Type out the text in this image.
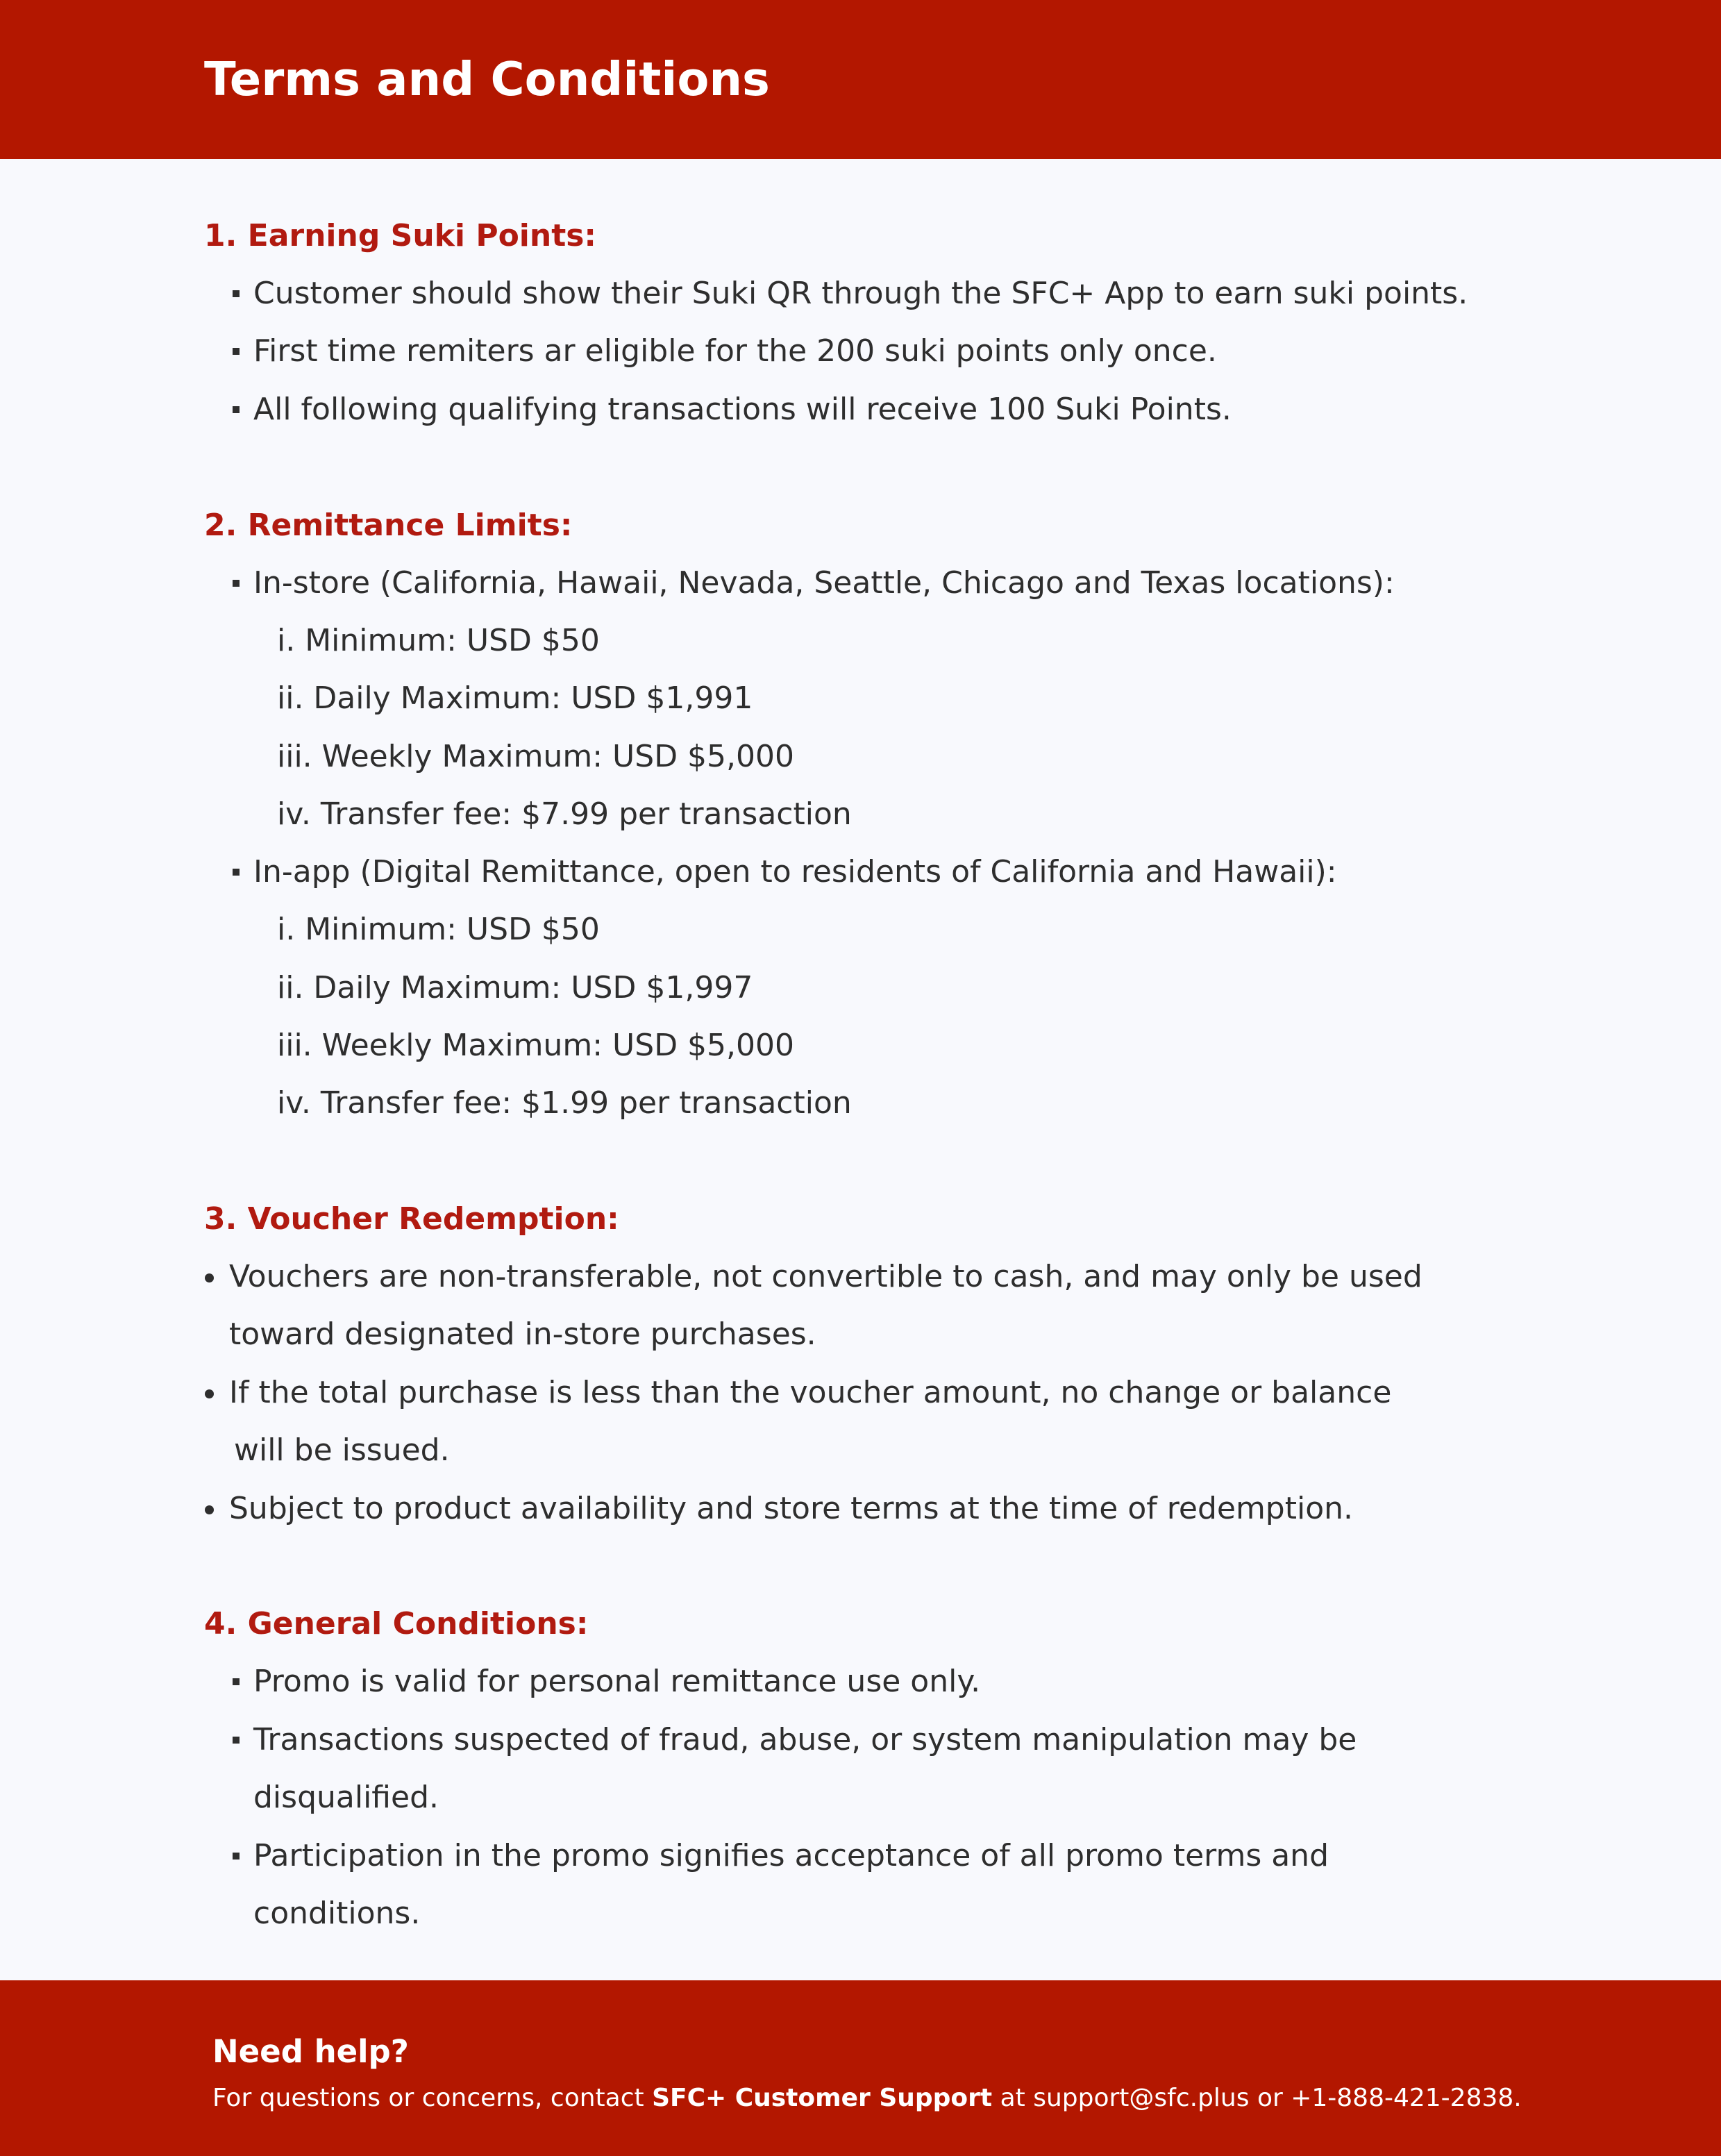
Terms and Conditions
1. Earning Suki Points:
Customer should show their Suki QR through the SFC+ App to earn suki points.
First time remiters ar eligible for the 200 suki points only once.
All following qualifying transactions will receive 100 Suki Points.
2. Remittance Limits:
In-store (California, Hawaii, Nevada, Seattle, Chicago and Texas locations):
i. Minimum: USD $50
ii. Daily Maximum: USD $1,991
iii. Weekly Maximum: USD $5,000
iv. Transfer fee: $7.99 per transaction
In-app (Digital Remittance, open to residents of California and Hawaii):
i. Minimum: USD $50
ii. Daily Maximum: USD $1,997
iii. Weekly Maximum: USD $5,000
iv. Transfer fee: $1.99 per transaction
3. Voucher Redemption:
Vouchers are non-transferable, not convertible to cash, and may only be used
toward designated in-store purchases.
If the total purchase is less than the voucher amount, no change or balance
will be issued.
Subject to product availability and store terms at the time of redemption.
4. General Conditions:
Promo is valid for personal remittance use only.
Transactions suspected of fraud, abuse, or system manipulation may be
disqualified.
Participation in the promo signifies acceptance of all promo terms and
conditions.
Need help?
For questions or concerns, contact SFC+ Customer Support at support@sfc.plus or +1-888-421-2838.
